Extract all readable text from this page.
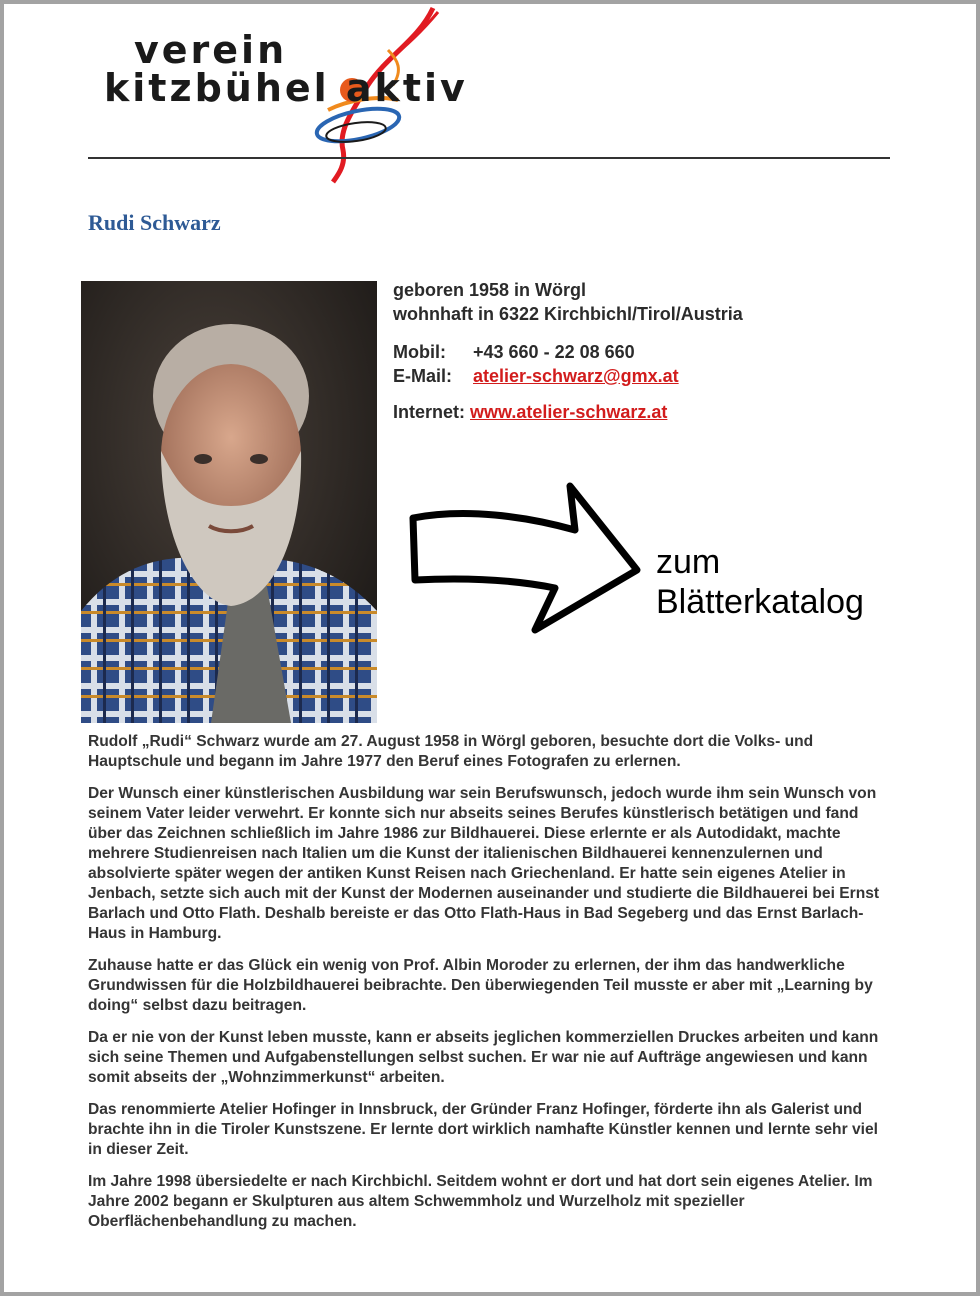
verein
kitzbühel aktiv
Rudi Schwarz

geboren 1958 in Wörgl

wohnhaft in 6322 Kirchbichl/Tirol/Austria

Mobil: +43 660 - 22 08 660

E-Mail: atelier-schwarz@gmx.at

Internet: www.atelier-schwarz.at

zum
Blätterkatalog

Rudolf „Rudi“ Schwarz wurde am 27. August 1958 in Wörgl geboren, besuchte dort die Volks- und Hauptschule und begann im Jahre 1977 den Beruf eines Fotografen zu erlernen.

Der Wunsch einer künstlerischen Ausbildung war sein Berufswunsch, jedoch wurde ihm sein Wunsch von seinem Vater leider verwehrt. Er konnte sich nur abseits seines Berufes künstlerisch betätigen und fand über das Zeichnen schließlich im Jahre 1986 zur Bildhauerei. Diese erlernte er als Autodidakt, machte mehrere Studienreisen nach Italien um die Kunst der italienischen Bildhauerei kennenzulernen und absolvierte später wegen der antiken Kunst Reisen nach Griechenland. Er hatte sein eigenes Atelier in Jenbach, setzte sich auch mit der Kunst der Modernen auseinander und studierte die Bildhauerei bei Ernst Barlach und Otto Flath. Deshalb bereiste er das Otto Flath-Haus in Bad Segeberg und das Ernst Barlach-Haus in Hamburg.

Zuhause hatte er das Glück ein wenig von Prof. Albin Moroder zu erlernen, der ihm das handwerkliche Grundwissen für die Holzbildhauerei beibrachte. Den überwiegenden Teil musste er aber mit „Learning by doing“ selbst dazu beitragen.

Da er nie von der Kunst leben musste, kann er abseits jeglichen kommerziellen Druckes arbeiten und kann sich seine Themen und Aufgabenstellungen selbst suchen. Er war nie auf Aufträge angewiesen und kann somit abseits der „Wohnzimmerkunst“ arbeiten.

Das renommierte Atelier Hofinger in Innsbruck, der Gründer Franz Hofinger, förderte ihn als Galerist und brachte ihn in die Tiroler Kunstszene. Er lernte dort wirklich namhafte Künstler kennen und lernte sehr viel in dieser Zeit.

Im Jahre 1998 übersiedelte er nach Kirchbichl. Seitdem wohnt er dort und hat dort sein eigenes Atelier. Im Jahre 2002 begann er Skulpturen aus altem Schwemmholz und Wurzelholz mit spezieller Oberflächenbehandlung zu machen.
